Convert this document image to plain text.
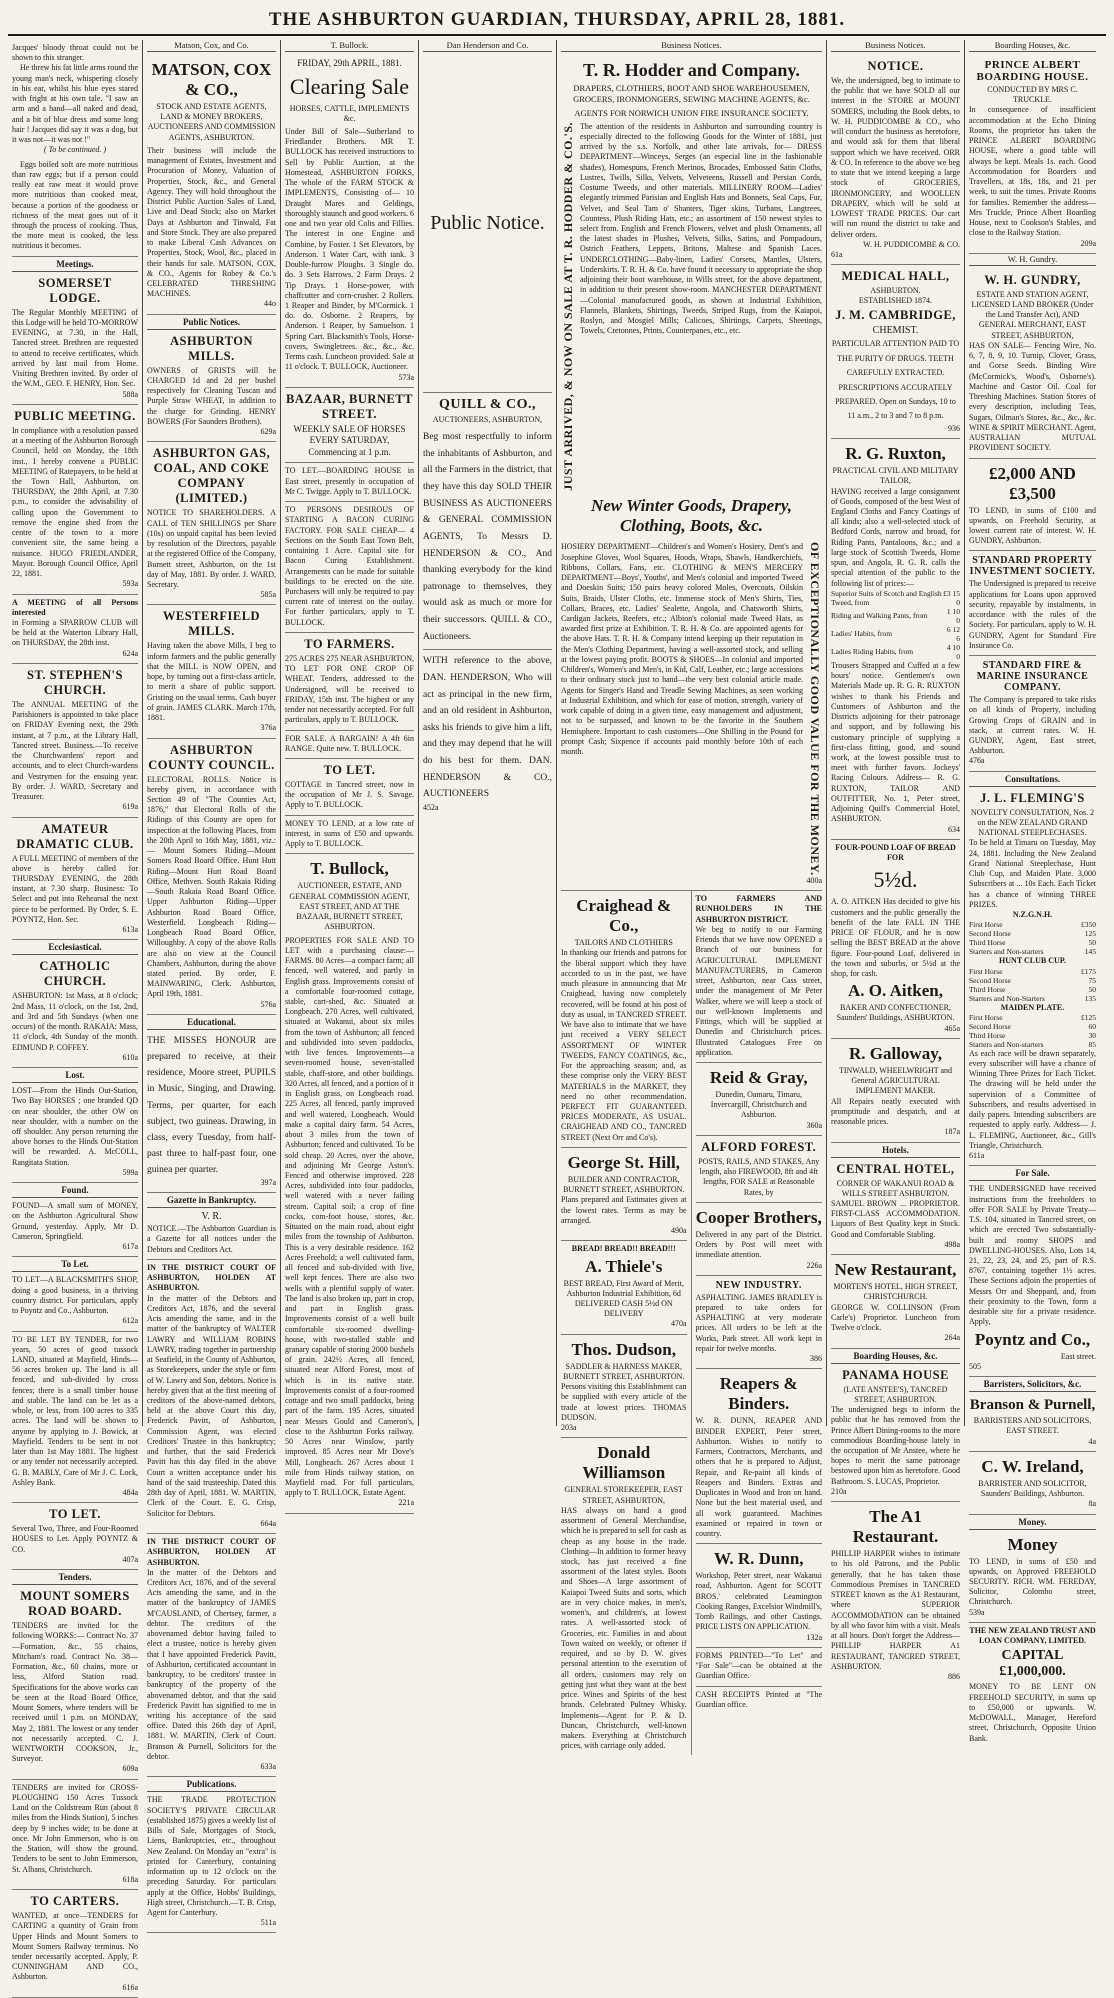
THE ASHBURTON GUARDIAN, THURSDAY, APRIL 28, 1881.

Jacques' bloody throat could not be shown to this stranger.

He threw his fat little arms round the young man's neck, whispering closely in his ear, whilst his blue eyes stared with fright at his own tale. "I saw an arm and a hand—all naked and dead, and a bit of blue dress and some long hair ! Jacques did say it was a dog, but it was not—it was not !"

( To be continued. )

Eggs boiled soft are more nutritious than raw eggs; but if a person could really eat raw meat it would prove more nutritious than cooked meat, because a portion of the goodness or richness of the meat goes out of it through the process of cooking. Thus, the more meat is cooked, the less nutritious it becomes.

Meetings.
SOMERSET LODGE.

The Regular Monthly MEETING of this Lodge will be held TO-MORROW EVENING, at 7.30, in the Hall, Tancred street. Brethren are requested to attend to receive certificates, which arrived by last mail from Home. Visiting Brethren invited. By order of the W.M., GEO. F. HENRY, Hon. Sec.

588a

PUBLIC MEETING.

In compliance with a resolution passed at a meeting of the Ashburton Borough Council, held on Monday, the 18th inst., I hereby convene a PUBLIC MEETING of Ratepayers, to be held at the Town Hall, Ashburton, on THURSDAY, the 28th April, at 7.30 p.m., to consider the advisability of calling upon the Government to remove the engine shed from the centre of the town to a more convenient site, the same being a nuisance. HUGO FRIEDLANDER, Mayor. Borough Council Office, April 22, 1881.

593a

A MEETING of all Persons interested

in Forming a SPARROW CLUB will be held at the Waterton Library Hall, on THURSDAY, the 28th inst.

624a

ST. STEPHEN'S CHURCH.

The ANNUAL MEETING of the Parishioners is appointed to take place on FRIDAY Evening next, the 29th instant, at 7 p.m., at the Library Hall, Tancred street. Business.—To receive the Churchwardens' report and accounts, and to elect Church-wardens and Vestrymen for the ensuing year. By order. J. WARD, Secretary and Treasurer.

619a

AMATEUR DRAMATIC CLUB.

A FULL MEETING of members of the above is hereby called for THURSDAY EVENING, the 28th instant, at 7.30 sharp. Business: To Select and put into Rehearsal the next piece to be performed. By Order, S. E. POYNTZ, Hon. Sec.

613a

Ecclesiastical.
CATHOLIC CHURCH.

ASHBURTON: 1st Mass, at 8 o'clock; 2nd Mass, 11 o'clock, on the 1st, 2nd, and 3rd and 5th Sundays (when one occurs) of the month. RAKAIA: Mass, 11 o'clock, 4th Sunday of the month. EDMUND P. COFFEY.

610a

Lost.

LOST—From the Hinds Out-Station, Two Bay HORSES ; one branded QD on near shoulder, the other OW on near shoulder, with a number on the off shoulder. Any person returning the above horses to the Hinds Out-Station will be rewarded. A. McCOLL, Rangitata Station.

599a

Found.

FOUND—A small sum of MONEY, on the Ashburton Agricultural Show Ground, yesterday. Apply, Mr D. Cameron, Springfield.

617a

To Let.

TO LET—A BLACKSMITH'S SHOP, doing a good business, in a thriving country district. For particulars, apply to Poyntz and Co., Ashburton.

612a

TO BE LET BY TENDER, for two years, 50 acres of good tussock LAND, situated at Mayfield, Hinds—56 acres broken up. The land is all fenced, and sub-divided by cross fences; there is a small timber house and stable. The land can be let as a whole, or less, from 100 acres to 335 acres. The land will be shown to anyone by applying to J. Bowick, at Mayfield. Tenders to be sent in not later than 1st May 1881. The highest or any tender not necessarily accepted. G. B. MABLY, Care of Mr J. C. Lock, Ashley Bank.

484a

TO LET.

Several Two, Three, and Four-Roomed HOUSES to Let. Apply POYNTZ & CO.

407a

Tenders.
MOUNT SOMERS ROAD BOARD.

TENDERS are invited for the following WORKS:— Contract No. 37—Formation, &c., 55 chains, Mitcham's road. Contract No. 38—Formation, &c., 60 chains, more or less, Alford Station road. Specifications for the above works can be seen at the Road Board Office, Mount Somers, where tenders will be received until 1 p.m. on MONDAY, May 2, 1881. The lowest or any tender not necessarily accepted. C. J. WENTWORTH COOKSON, Jr., Surveyor.

609a

TENDERS are invited for CROSS-PLOUGHING 150 Acres Tussock Land on the Coldstream Run (about 8 miles from the Hinds Station), 5 inches deep by 9 inches wide; to be done at once. Mr John Emmerson, who is on the Station, will show the ground. Tenders to be sent to John Emmerson, St. Albans, Christchurch.

618a

TO CARTERS.

WANTED, at once—TENDERS for CARTING a quantity of Grain from Upper Hinds and Mount Somers to Mount Somers Railway terminus. No tender necessarily accepted. Apply, P. CUNNINGHAM AND CO., Ashburton.

616a

Matson, Cox, and Co.
MATSON, COX & CO.,

STOCK AND ESTATE AGENTS, LAND & MONEY BROKERS, AUCTIONEERS AND COMMISSION AGENTS, ASHBURTON.

Their business will include the management of Estates, Investment and Procuration of Money, Valuation of Properties, Stock, &c., and General Agency. They will hold throughout the District Public Auction Sales of Land, Live and Dead Stock; also on Market Days at Ashburton and Tinwald, Fat and Store Stock. They are also prepared to make Liberal Cash Advances on Properties, Stock, Wool, &c., placed in their hands for sale. MATSON, COX, & CO., Agents for Robey & Co.'s CELEBRATED THRESHING MACHINES.

44o

Public Notices.
ASHBURTON MILLS.

OWNERS of GRISTS will be CHARGED 1d and 2d per bushel respectively for Cleaning Tuscan and Purple Straw WHEAT, in addition to the charge for Grinding. HENRY BOWERS (For Saunders Brothers).

629a

ASHBURTON GAS, COAL, AND COKE COMPANY (LIMITED.)

NOTICE TO SHAREHOLDERS. A CALL of TEN SHILLINGS per Share (10s) on unpaid capital has been levied by resolution of the Directors, payable at the registered Office of the Company, Burnett street, Ashburton, on the 1st day of May, 1881. By order. J. WARD, Secretary.

585a

WESTERFIELD MILLS.

Having taken the above Mills, I beg to inform farmers and the public generally that the MILL is NOW OPEN, and hope, by turning out a first-class article, to merit a share of public support. Gristing on the usual terms. Cash buyer of grain. JAMES CLARK. March 17th, 1881.

376a

ASHBURTON COUNTY COUNCIL.

ELECTORAL ROLLS. Notice is hereby given, in accordance with Section 49 of "The Counties Act, 1876," that Electoral Rolls of the Ridings of this County are open for inspection at the following Places, from the 20th April to 16th May, 1881, viz.:— Mount Somers Riding—Mount Somers Road Board Office. Hunt Hutt Riding—Mount Hutt Road Board Office, Methven. South Rakaia Riding—South Rakaia Road Board Office. Upper Ashburton Riding—Upper Ashburton Road Board Office, Westerfield. Longbeach Riding—Longbeach Road Board Office, Willoughby. A copy of the above Rolls are also on view at the Council Chambers, Ashburton, during the above stated period. By order, F. MAINWARING, Clerk. Ashburton, April 19th, 1881.

576a

Educational.

THE MISSES HONOUR are prepared to receive, at their residence, Moore street, PUPILS in Music, Singing, and Drawing. Terms, per quarter, for each subject, two guineas. Drawing, in class, every Tuesday, from half-past three to half-past four, one guinea per quarter.

397a

Gazette in Bankruptcy.

V. R.

NOTICE.—The Ashburton Guardian is a Gazette for all notices under the Debtors and Creditors Act.

IN THE DISTRICT COURT OF ASHBURTON, HOLDEN AT ASHBURTON.

In the matter of the Debtors and Creditors Act, 1876, and the several Acts amending the same, and in the matter of the bankruptcy of WALTER LAWRY and WILLIAM ROBINS LAWRY, trading together in partnership at Seafield, in the County of Ashburton, as Storekeepers, under the style or firm of W. Lawry and Son, debtors. Notice is hereby given that at the first meeting of creditors of the above-named debtors, held at the above Court this day, Frederick Pavitt, of Ashburton, Commission Agent, was elected Creditors' Trustee in this bankruptcy; and further, that the said Frederick Pavitt has this day filed in the above Court a written acceptance under his hand of the said trusteeship. Dated this 28th day of April, 1881. W. MARTIN, Clerk of the Court. E. G. Crisp, Solicitor for Debtors.

664a

IN THE DISTRICT COURT OF ASHBURTON, HOLDEN AT ASHBURTON.

In the matter of the Debtors and Creditors Act, 1876, and of the several Acts amending the same, and in the matter of the bankruptcy of JAMES M'CAUSLAND, of Chertsey, farmer, a debtor. The creditors of the abovenamed debtor having failed to elect a trustee, notice is hereby given that I have appointed Frederick Pavitt, of Ashburton, certificated accountant in bankruptcy, to be creditors' trustee in bankruptcy of the property of the abovenamed debtor, and that the said Frederick Pavitt has signified to me in writing his acceptance of the said office. Dated this 26th day of April, 1881. W. MARTIN, Clerk of Court. Branson & Purnell, Solicitors for the debtor.

633a

Publications.

THE TRADE PROTECTION SOCIETY'S PRIVATE CIRCULAR (established 1875) gives a weekly list of Bills of Sale, Mortgages of Stock, Liens, Bankruptcies, etc., throughout New Zealand. On Monday an "extra" is printed for Canterbury, containing information up to 12 o'clock on the preceding Saturday. For particulars apply at the Office, Hobbs' Buildings, High street, Christchurch.—T. B. Crisp, Agent for Canterbury.

511a

T. Bullock.

FRIDAY, 29th APRIL, 1881.

Clearing Sale

HORSES, CATTLE, IMPLEMENTS &c.

Under Bill of Sale—Sutherland to Friedlander Brothers. MR T. BULLOCK has received instructions to Sell by Public Auction, at the Homestead, ASHBURTON FORKS, The whole of the FARM STOCK & IMPLEMENTS, Consisting of— 10 Draught Mares and Geldings, thoroughly staunch and good workers. 6 one and two year old Colts and Fillies. The interest in one Engine and Combine, by Foster. 1 Set Elevators, by Anderson. 1 Water Cart, with tank. 3 Double-furrow Ploughs. 3 Single do. do. 3 Sets Harrows. 2 Farm Drays. 2 Tip Drays. 1 Horse-power, with chaffcutter and corn-crusher. 2 Rollers. 1 Reaper and Binder, by M'Cormick. 1 do. do. Osborne. 2 Reapers, by Anderson. 1 Reaper, by Samuelson. 1 Spring Cart. Blacksmith's Tools, Horse-covers, Swingletrees. &c., &c., &c. Terms cash. Luncheon provided. Sale at 11 o'clock. T. BULLOCK, Auctioneer.

573a

BAZAAR, BURNETT STREET.

WEEKLY SALE OF HORSES EVERY SATURDAY, Commencing at 1 p.m.

TO LET.—BOARDING HOUSE in East street, presently in occupation of Mr C. Twigge. Apply to T. BULLOCK.

TO PERSONS DESIROUS OF STARTING A BACON CURING FACTORY. FOR SALE CHEAP— 4 Sections on the South East Town Belt, containing 1 Acre. Capital site for Bacon Curing Establishment. Arrangements can be made for suitable buildings to be erected on the site. Purchasers will only be required to pay current rate of interest on the outlay. For further particulars, apply to T. BULLOCK.

TO FARMERS.

275 ACRES 275 NEAR ASHBURTON, TO LET FOR ONE CROP OF WHEAT. Tenders, addressed to the Undersigned, will be received to FRIDAY, 15th inst. The highest or any tender not necessarily accepted. For full particulars, apply to T. BULLOCK.

FOR SALE. A BARGAIN! A 4ft 6in RANGE. Quite new. T. BULLOCK.

TO LET.

COTTAGE in Tancred street, now in the occupation of Mr J. S. Savage. Apply to T. BULLOCK.

MONEY TO LEND, at a low rate of interest, in sums of £50 and upwards. Apply to T. BULLOCK.

T. Bullock,

AUCTIONEER, ESTATE, AND GENERAL COMMISSION AGENT, EAST STREET, AND AT THE BAZAAR, BURNETT STREET, ASHBURTON.

PROPERTIES FOR SALE AND TO LET with a purchasing clause:— FARMS. 80 Acres—a compact farm; all fenced, well watered, and partly in English grass. Improvements consist of a comfortable four-roomed cottage, stable, cart-shed, &c. Situated at Longbeach. 270 Acres, well cultivated, situated at Wakanui, about six miles from the town of Ashburton; all fenced and subdivided into seven paddocks, with live fences. Improvements—a seven-roomed house, seven-stalled stable, chaff-store, and other buildings. 320 Acres, all fenced, and a portion of it in English grass, on Longbeach road. 225 Acres, all fenced, partly improved and well watered, Longbeach. Would make a capital dairy farm. 54 Acres, about 3 miles from the town of Ashburton; fenced and cultivated. To be sold cheap. 20 Acres, over the above, and adjoining Mr George Aston's. Fenced and otherwise improved. 228 Acres, subdivided into four paddocks, well watered with a never failing stream. Capital soil; a crop of fine cocks, com-foot house, stores, &c. Situated on the main road, about eight miles from the township of Ashburton. This is a very desirable residence. 162 Acres Freehold; a well cultivated farm, all fenced and sub-divided with live, well kept fences. There are also two wells with a plentiful supply of water. The land is also broken up, part in crop, and part in English grass. Improvements consist of a well built comfortable six-roomed dwelling-house, with two-stalled stable and granary capable of storing 2000 bushels of grain. 242½ Acres, all fenced, situated near Alford Forest, most of which is in its native state. Improvements consist of a four-roomed cottage and two small paddocks, being part of the farm. 195 Acres, situated near Messrs Gould and Cameron's, close to the Ashburton Forks railway. 50 Acres near Winslow, partly improved. 85 Acres near Mr Dove's Mill, Longbeach. 267 Acres about 1 mile from Hinds railway station, on Mayfield road. For full particulars, apply to T. BULLOCK, Estate Agent.

221a

Dan Henderson and Co.
Public Notice.
QUILL & CO.,

AUCTIONEERS, ASHBURTON,

Beg most respectfully to inform the inhabitants of Ashburton, and all the Farmers in the district, that they have this day SOLD THEIR BUSINESS AS AUCTIONEERS & GENERAL COMMISSION AGENTS, To Messrs D. HENDERSON & CO., And thanking everybody for the kind patronage to themselves, they would ask as much or more for their successors. QUILL & CO., Auctioneers.

WITH reference to the above, DAN. HENDERSON, Who will act as principal in the new firm, and an old resident in Ashburton, asks his friends to give him a lift, and they may depend that he will do his best for them. DAN. HENDERSON & CO., AUCTIONEERS

452a

Business Notices.
T. R. Hodder and Company.

DRAPERS, CLOTHIERS, BOOT AND SHOE WAREHOUSEMEN, GROCERS, IRONMONGERS, SEWING MACHINE AGENTS, &c.

AGENTS FOR NORWICH UNION FIRE INSURANCE SOCIETY.

JUST ARRIVED, & NOW ON SALE AT T. R. HODDER & CO.'S. The attention of the residents in Ashburton and surrounding country is especially directed to the following Goods for the Winter of 1881, just arrived by the s.s. Norfolk, and other late arrivals, for— DRESS DEPARTMENT—Winceys, Serges (an especial line in the fashionable shades), Homespuns, French Merinos, Brocades, Embossed Satin Cloths, Lustres, Twills, Silks, Velvets, Velveteens, Russell and Persian Cords, Costume Tweeds, and other materials. MILLINERY ROOM—Ladies' elegantly trimmed Parisian and English Hats and Bonnets, Seal Caps, Fur, Velvet, and Seal Tam o' Shanters, Tiger skins, Turbans, Langtrees, Countess, Plush Riding Hats, etc.; an assortment of 150 newest styles to select from. English and French Flowers, velvet and plush Ornaments, all the latest shades in Plushes, Velvets, Silks, Satins, and Pompadours, Ostrich Feathers, Leppets, Britons, Maltese and Spanish Laces. UNDERCLOTHING—Baby-linen, Ladies' Corsets, Mantles, Ulsters, Underskirts. T. R. H. & Co. have found it necessary to appropriate the shop adjoining their boot warehouse, in Wills street, for the above department, in addition to their present show-room. MANCHESTER DEPARTMENT—Colonial manufactured goods, as shown at Industrial Exhibition, Flannels, Blankets, Shirtings, Tweeds, Striped Rugs, from the Kaiapoi, Roslyn, and Mosgiel Mills; Calicoes, Shirtings, Carpets, Sheetings, Towels, Cretonnes, Prints, Counterpanes, etc., etc.

New Winter Goods, Drapery, Clothing, Boots, &c.

HOSIERY DEPARTMENT—Children's and Women's Hosiery, Dent's and Josephine Gloves, Wool Squares, Hoods, Wraps, Shawls, Handkerchiefs, Ribbons, Collars, Fans, etc. CLOTHING & MEN'S MERCERY DEPARTMENT—Boys', Youths', and Men's colonial and imported Tweed and Doeskin Suits; 150 pairs heavy colored Moles, Overcoats, Oilskin Suits, Braids, Ulster Cloths, etc. Immense stock of Men's Shirts, Ties, Collars, Braces, etc. Ladies' Sealette, Angola, and Chatsworth Shirts, Cardigan Jackets, Reefers, etc.; Albion's colonial made Tweed Hats, as awarded first prize at Exhibition. T. R. H. & Co. are appointed agents for the above Hats. T. R. H. & Company intend keeping up their reputation in the Men's Clothing Department, having a well-assorted stock, and selling at the lowest paying profit. BOOTS & SHOES—In colonial and imported Children's, Women's and Men's, in Kid, Calf, Leather, etc.; large accessions to their ordinary stock just to hand—the very best colonial article made. Agents for Singer's Hand and Treadle Sewing Machines, as seen working at Industrial Exhibition, and which for ease of motion, strength, variety of work capable of doing in a given time, easy management and adjustment, not to be surpassed, and known to be the favorite in the Southern Hemisphere. Important to cash customers—One Shilling in the Pound for prompt Cash; Sixpence if accounts paid monthly before 10th of each month.	OF EXCEPTIONALLY GOOD VALUE FOR THE MONEY.

400a

Craighead & Co.,

TAILORS AND CLOTHIERS

In thanking our friends and patrons for the liberal support which they have accorded to us in the past, we have much pleasure in announcing that Mr Craighead, having now completely recovered, will be found at his post of duty as usual, in TANCRED STREET. We have also to intimate that we have just received a VERY SELECT ASSORTMENT OF WINTER TWEEDS, FANCY COATINGS, &c., For the approaching season; and, as these comprise only the VERY BEST MATERIALS in the MARKET, they need no other recommendation. PERFECT FIT GUARANTEED. PRICES MODERATE, AS USUAL. CRAIGHEAD AND CO., TANCRED STREET (Next Orr and Co's).

George St. Hill,

BUILDER AND CONTRACTOR, BURNETT STREET, ASHBURTON.

Plans prepared and Estimates given at the lowest rates. Terms as may be arranged.

490a

BREAD! BREAD!! BREAD!!!

A. Thiele's

BEST BREAD, First Award of Merit, Ashburton Industrial Exhibition, 6d DELIVERED CASH 5½d ON DELIVERY

470a

Thos. Dudson,

SADDLER & HARNESS MAKER, BURNETT STREET, ASHBURTON.

Persons visiting this Establishment can be supplied with every article of the trade at lowest prices. THOMAS DUDSON.

203a

Donald Williamson

GENERAL STOREKEEPER, EAST STREET, ASHBURTON,

HAS always on hand a good assortment of General Merchandise, which he is prepared to sell for cash as cheap as any house in the trade. Clothing—In addition to former heavy stock, has just received a fine assortment of the latest styles. Boots and Shoes—A large assortment of Kaiapoi Tweed Suits and sorts, which are in very choice makes, in men's, women's, and children's, at lowest rates. A well-assorted stock of Groceries, etc. Families in and about Town waited on weekly, or oftener if required, and so by D. W. gives personal attention to the execution of all orders, customers may rely on getting just what they want at the best price. Wines and Spirits of the best brands. Celebrated Pultney Whisky. Implements—Agent for P. & D. Duncan, Christchurch, well-known makers. Everything at Christchurch prices, with carriage only added.

TO FARMERS AND RUNHOLDERS IN THE ASHBURTON DISTRICT.

We beg to notify to our Farming Friends that we have now OPENED a Branch of our business for AGRICULTURAL IMPLEMENT MANUFACTURERS, in Cameron street, Ashburton, near Cass street, under the management of Mr Peter Walker, where we will keep a stock of our well-known Implements and Fittings, which will be supplied at Dunedin and Christchurch prices. Illustrated Catalogues Free on application.

Reid & Gray,

Dunedin, Oamaru, Timaru, Invercargill, Christchurch and Ashburton.

360a

ALFORD FOREST.

POSTS, RAILS, AND STAKES, Any length, also FIREWOOD, 8ft and 4ft lengths, FOR SALE at Reasonable Rates, by

Cooper Brothers,

Delivered in any part of the District. Orders by Post will meet with immediate attention.

226a

NEW INDUSTRY.

ASPHALTING. JAMES BRADLEY is prepared to take orders for ASPHALTING at very moderate prices. All orders to be left at the Works, Park street. All work kept in repair for twelve months.

386

Reapers & Binders.

W. R. DUNN, REAPER AND BINDER EXPERT, Peter street, Ashburton. Wishes to notify to Farmers, Contractors, Merchants, and others that he is prepared to Adjust, Repair, and Re-paint all kinds of Reapers and Binders. Extras and Duplicates in Wood and Iron on hand. None but the best material used, and all work guaranteed. Machines examined or repaired in town or country.

W. R. Dunn,

Workshop, Peter street, near Wakanui road, Ashburton. Agent for SCOTT BROS.' celebrated Leamington Cooking Ranges, Excelsior Windmill's, Tomb Railings, and other Castings. PRICE LISTS ON APPLICATION.

132a

FORMS PRINTED—"To Let" and "For Sale"—can be obtained at the Guardian Office.

CASH RECEIPTS Printed at "The Guardian office.

Business Notices.
NOTICE.

We, the undersigned, beg to intimate to the public that we have SOLD all our interest in the STORE at MOUNT SOMERS, including the Book debts, to W. H. PUDDICOMBE & CO., who will conduct the business as heretofore, and would ask for them that liberal support which we have received. ORR & CO. In reference to the above we beg to state that we intend keeping a large stock of GROCERIES, IRONMONGERY, and WOOLLEN DRAPERY, which will be sold at LOWEST TRADE PRICES. Our cart will run round the district to take and deliver orders.

W. H. PUDDICOMBE & CO.

61a

MEDICAL HALL,

ASHBURTON.

ESTABLISHED 1874.

J. M. CAMBRIDGE,

CHEMIST.

PARTICULAR ATTENTION PAID TO THE PURITY OF DRUGS. TEETH CAREFULLY EXTRACTED. PRESCRIPTIONS ACCURATELY PREPARED. Open on Sundays, 10 to 11 a.m., 2 to 3 and 7 to 8 p.m.

936

R. G. Ruxton,

PRACTICAL CIVIL AND MILITARY TAILOR,

HAVING received a large consignment of Goods, composed of the best West of England Cloths and Fancy Coatings of all kinds; also a well-selected stock of Bedford Cords, narrow and broad, for Riding Pants, Pantaloons, &c.; and a large stock of Scottish Tweeds, Home spun, and Angola, R. G. R. calls the special attention of the public to the following list of prices:—

Superior Suits of Scotch and English Tweed, from	£3 15 0
Riding and Walking Pants, from	1 10 0
Ladies' Habits, from	6 12 6
Ladies Riding Habits, from	4 10 0

Trousers Strapped and Cuffed at a few hours' notice. Gentlemen's own Materials Made up. R. G. R. RUXTON wishes to thank his Friends and Customers of Ashburton and the Districts adjoining for their patronage and support, and by following his customary principle of supplying a first-class fitting, good, and sound work, at the lowest possible trust to meet with further favors. Jockeys' Racing Colours. Address— R. G. RUXTON, TAILOR AND OUTFITTER, No. 1, Peter street, Adjoining Quill's Commercial Hotel, ASHBURTON.

634

FOUR-POUND LOAF OF BREAD FOR

5½d.

A. O. AITKEN Has decided to give his customers and the public generally the benefit of the late FALL IN THE PRICE OF FLOUR, and he is now selling the BEST BREAD at the above figure. Four-pound Loaf, delivered in the town and suburbs, or 5½d at the shop, for cash.

A. O. Aitken,

BAKER AND CONFECTIONER, Saunders' Buildings, ASHBURTON.

465a

R. Galloway,

TINWALD, WHEELWRIGHT and General AGRICULTURAL IMPLEMENT MAKER.

All Repairs neatly executed with promptitude and despatch, and at reasonable prices.

187a

Hotels.
CENTRAL HOTEL,

CORNER OF WAKANUI ROAD & WILLS STREET ASHBURTON.

SAMUEL BROWN ... PROPRIETOR. FIRST-CLASS ACCOMMODATION. Liquors of Best Quality kept in Stock. Good and Comfortable Stabling.

498a

New Restaurant,

MORTEN'S HOTEL, HIGH STREET, CHRISTCHURCH.

GEORGE W. COLLINSON (From Carle's) Proprietor. Luncheon from Twelve o'clock.

264a

Boarding Houses, &c.
PANAMA HOUSE

(LATE ANSTEE'S), TANCRED STREET, ASHBURTON.

The undersigned begs to inform the public that he has removed from the Prince Albert Dining-rooms to the more commodious Boarding-house lately in the occupation of Mr Anstee, where he hopes to merit the same patronage bestowed upon him as heretofore. Good Bathroom. S. LUCAS, Proprietor.

210a

The A1 Restaurant.

PHILLIP HARPER wishes to intimate to his old Patrons, and the Public generally, that he has taken those Commodious Premises in TANCRED STREET known as the A1 Restaurant, where SUPERIOR ACCOMMODATION can be obtained by all who favor him with a visit. Meals at all hours. Don't forget the Address— PHILLIP HARPER A1 RESTAURANT, TANCRED STREET, ASHBURTON.

886

Boarding Houses, &c.
PRINCE ALBERT BOARDING HOUSE.

CONDUCTED BY MRS C. TRUCKLE.

In consequence of insufficient accommodation at the Echo Dining Rooms, the proprietor has taken the PRINCE ALBERT BOARDING HOUSE, where a good table will always be kept. Meals 1s. each. Good Accommodation for Boarders and Travellers, at 18s, 18s, and 21 per week, to suit the times. Private Rooms for families. Remember the address—Mrs Truckle, Prince Albert Boarding House, next to Cookson's Stables, and close to the Railway Station.

209a

W. H. Gundry.
W. H. GUNDRY,

ESTATE AND STATION AGENT, LICENSED LAND BROKER (Under the Land Transfer Act), AND GENERAL MERCHANT, EAST STREET, ASHBURTON,

HAS ON SALE— Fencing Wire, No. 6, 7, 8, 9, 10. Turnip, Clover, Grass, and Gorse Seeds. Binding Wire (McCormick's, Wood's, Osborne's). Machine and Castor Oil. Coal for Threshing Machines. Station Stores of every description, including Teas, Sugars, Oilman's Stores, &c., &c., &c. WINE & SPIRIT MERCHANT. Agent, AUSTRALIAN MUTUAL PROVIDENT SOCIETY.

£2,000 AND £3,500

TO LEND, in sums of £100 and upwards, on Freehold Security, at lowest current rate of interest. W. H. GUNDRY, Ashburton.

STANDARD PROPERTY INVESTMENT SOCIETY.

The Undersigned is prepared to receive applications for Loans upon approved security, repayable by instalments, in accordance with the rules of the Society. For particulars, apply to W. H. GUNDRY, Agent for Standard Fire Insurance Co.

STANDARD FIRE & MARINE INSURANCE COMPANY.

The Company is prepared to take risks on all kinds of Property, including Growing Crops of GRAIN and in stack, at current rates. W. H. GUNDRY, Agent, East street, Ashburton.

476a

Consultations.
J. L. FLEMING'S

NOVELTY CONSULTATION, Nos. 2 on the NEW ZEALAND GRAND NATIONAL STEEPLECHASES.

To be held at Timaru on Tuesday, May 24, 1881. Including the New Zealand Grand National Steeplechase, Hunt Club Cup, and Maiden Plate. 3,000 Subscribers at ... 10s Each. Each Ticket has a chance of winning THREE PRIZES.

N.Z.G.N.H.

First Horse	£350
Second Horse	125
Third Horse	50
Starters and Non-starters	145

HUNT CLUB CUP.

First Horse	£175
Second Horse	75
Third Horse	50
Starters and Non-Starters	135

MAIDEN PLATE.

First Horse	£125
Second Horse	60
Third Horse	30
Starters and Non-starters	85

As each race will be drawn separately, every subscriber will have a chance of Winning Three Prizes for Each Ticket. The drawing will be held under the supervision of a Committee of Subscribers, and results advertised in daily papers. Intending subscribers are requested to apply early. Address— J. L. FLEMING, Auctioneer, &c., Gill's Triangle, Christchurch.

611a

For Sale.

THE UNDERSIGNED have received instructions from the freeholders to offer FOR SALE by Private Treaty— T.S. 104, situated in Tancred street, on which are erected Two substantially-built and roomy SHOPS and DWELLING-HOUSES. Also, Lots 14, 21, 22, 23, 24, and 25, part of R.S. 8767, containing together 1½ acres. These Sections adjoin the properties of Messrs Orr and Sheppard, and, from their proximity to the Town, form a desirable site for a private residence. Apply,

Poyntz and Co.,

East street.

505

Barristers, Solicitors, &c.
Branson & Purnell,

BARRISTERS AND SOLICITORS, EAST STREET.

4a

C. W. Ireland,

BARRISTER AND SOLICITOR, Saunders' Buildings, Ashburton.

8a

Money.
Money

TO LEND, in sums of £50 and upwards, on Approved FREEHOLD SECURITY. RICH. WM. FEREDAY, Solicitor, Colombo street, Christchurch.

539a

THE NEW ZEALAND TRUST AND LOAN COMPANY, LIMITED.

CAPITAL £1,000,000.

MONEY TO BE LENT ON FREEHOLD SECURITY, in sums up to £50,000 or upwards. W. McDOWALL, Manager, Hereford street, Christchurch, Opposite Union Bank.
